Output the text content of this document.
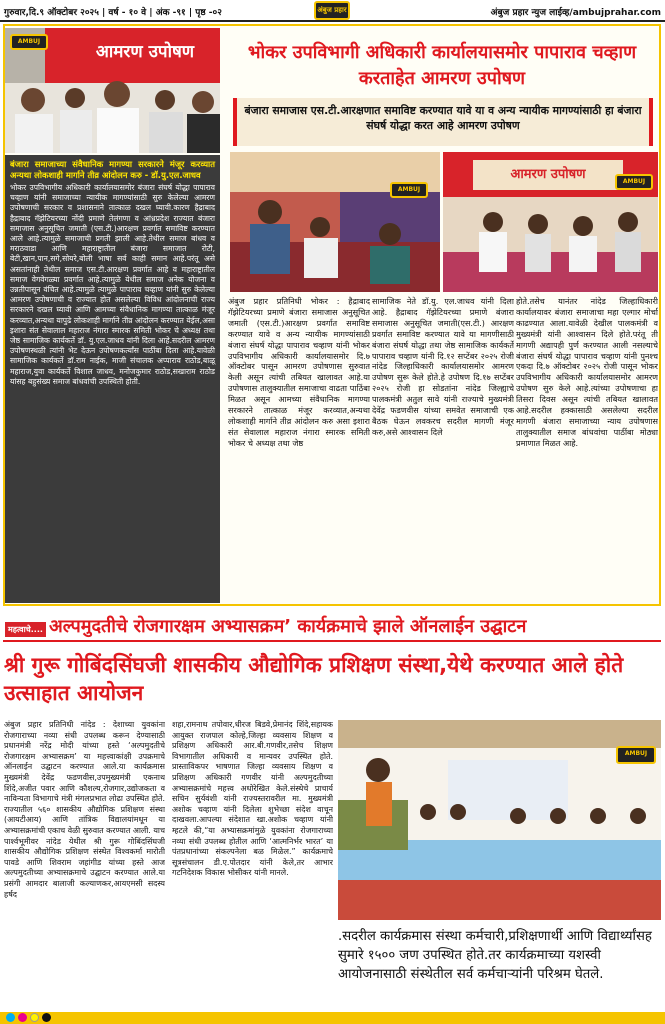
गुरुवार,दि.९ ऑक्टोबर २०२५ | वर्ष - १० वे | अंक -९१ | पृष्ठ -०२	अंबुज प्रहार	अंबुज प्रहार न्युज लाईव्ह/ambujprahar.com
आमरण उपोषण
AMBUJ
भोकर उपविभागी अधिकारी कार्यालयासमोर पापाराव चव्हाण करताहेत आमरण उपोषण
बंजारा समाजास एस.टी.आरक्षणात समाविष्ट करण्यात यावे या व अन्य न्यायीक मागण्यांसाठी हा बंजारा संघर्ष योद्धा करत आहे आमरण उपोषण
AMBUJ
आमरण उपोषण	AMBUJ
बंजारा समाजाच्या संवैधानिक मागण्या सरकारने मंजूर करव्यात अन्यथा लोकशाही मार्गाने तीव्र आंदोलन करु - डॉ.यु.एल.जाधव
भोकर उपविभागीय अधिकारी कार्यालयासमोर बंजारा संघर्ष योद्धा पापाराव चव्हाण यांनी समाजाच्या न्यायीक मागण्यांसाठी सुरु केलेल्या आमरण उपोषणाची सरकार व प्रशासनाने तात्काळ दखल घ्यावी.कारण हैद्राबाद हैद्राबाद गॅझेटियरच्या नोंदी प्रमाणे तेलंगणा व आंध्रप्रदेश राज्यात बंजारा समाजास अनुसूचित जमाती (एस.टी.)आरक्षण प्रवर्गात समाविष्ट करण्यात आले आहे.त्यामुळे समाजाची प्रगती झाली आहे.तेथील समाज बांधव व मराठवाडा आणि महाराष्ट्रातील बंजारा समाजात रोटी, बेटी,खान,पान,सगे,सोयरे,बोली भाषा सर्व काही समान आहे.परंतू असे असतांनाही तेथील समाज एस.टी.आरक्षण प्रवर्गात आहे व महाराष्ट्रातील समाज वेगवेगळ्या प्रवर्गात आहे.त्यामुळे येथील समाज अनेक योजना व उन्नतीपासून वंचित आहे.त्यामुळे त्यामुळे पापाराव चव्हाण यांनी सुरु केलेल्या आमरण उपोषणाची व राज्यात होत असलेल्या विविध आंदोलनाची राज्य सरकारने दखल घ्यावी आणि आमच्या संवैधानिक मागण्या तात्काळ मंजूर करव्यात,अन्यथा यापुढे लोकशाही मार्गाने तीव्र आंदोलन करण्यात येईल,असा इशारा संत सेवालाल महाराज नंगारा स्मारक समिती भोकर चे अध्यक्ष तथा जेष्ठ सामाजिक कार्यकर्ते डॉ. यु.एल.जाधव यांनी दिला आहे.सदरील आमरण उपोषणस्थळी त्यांनी भेट देऊन उपोषणकर्त्यांस पाठींबा दिला आहे.यावेळी सामाजिक कार्यकर्ते डॉ.राम नाईक, माजी संचालक अप्पाराव राठोड,बाळू महाराज,युवा कार्यकर्ते विशाल जाधव, मनोजकुमार राठोड,सखाराम राठोड यांसह बहुसंख्य समाज बांधवांची उपस्थिती होती.
अंबुज प्रहार प्रतिनिधी भोकर : हैद्राबाद गॅझेटियरच्या प्रमाणे बंजारा समाजास अनुसूचित जमाती (एस.टी.)आरक्षण प्रवर्गात समाविष्ट करण्यात यावे व अन्य न्यायीक मागण्यांसाठी बंजारा संघर्ष योद्धा पापाराव चव्हाण यांनी भोकर उपविभागीय अधिकारी कार्यालयासमोर दि.७ ऑक्टोबर पासून आमरण उपोषणास सुरुवात केली असून त्यांची तबियत खालावत आहे.या उपोषणास तालुक्यातील समाजाचा वाढता पाठिंबा मिळत असून आमच्या संवैधानिक मागण्या सरकारने तात्काळ मंजूर करव्यात,अन्यथा लोकशाही मार्गाने तीव्र आंदोलन करु असा इशारा संत सेवालाल महाराज नंगारा स्मारक समिती भोकर चे अध्यक्ष तथा जेष्ठ
सामाजिक नेते डॉ.यु. एल.जाधव यांनी दिला आहे. हैद्राबाद गॅझेटियरच्या प्रमाणे बंजारा समाजास अनुसूचित जमाती(एस.टी.) आरक्षण प्रवर्गात समाविष्ट करण्यात यावे या मागणीसाठी बंजारा संघर्ष योद्धा तथा जेष्ठ सामाजिक कार्यकर्ते पापाराव चव्हाण यांनी दि.१२ सप्टेंबर २०२५ रोजी नांदेड जिल्हाधिकारी कार्यालयासमोर आमरण उपोषण सुरू केले होते.हे उपोषण दि.१७ सप्टेंबर २०२५ रोजी हा सोडतांना नांदेड जिल्ह्याचे पालकमंत्री अतुल सावे यांनी राज्याचे मुख्यमंत्री देवेंद्र फडणवीस यांच्या समवेत समाजाची एक बैठक घेऊन लवकरच सदरील मागणी मंजूर करु,असे आश्वासन दिले
होते.तसेच यानंतर नांदेड जिल्हाधिकारी कार्यालयावर बंजारा समाजाचा महा एल्गार मोर्चा काढण्यात आला.यावेळी देखील पालकमंत्री व मुख्यमंत्री यांनी आश्वासन दिले होते.परंतू ती मागणी अद्यापही पुर्ण करण्यात आली नसल्याचे बंजारा संघर्ष योद्धा पापाराव चव्हाण यांनी पुनश्च एकदा दि.७ ऑक्टोबर २०२५ रोजी पासून भोकर उपविभागीय अधिकारी कार्यालयासमोर आमरण उपोषण सुरु केले आहे.त्यांच्या उपोषणाचा हा तिसरा दिवस असून त्यांची तबियत खालावत आहे.सदरील हक्कासाठी असलेल्या सदरील मागणी बंजारा समाजाच्या न्याय उपोषणास तालुक्यातील समाज बांधवांचा पाठींबा मोठ्या प्रमाणात मिळत आहे.
महत्वाचे.... अल्पमुदतीचे रोजगारक्षम अभ्यासक्रम’ कार्यक्रमाचे झाले ऑनलाईन उद्घाटन
श्री गुरू गोबिंदसिंघजी शासकीय औद्योगिक प्रशिक्षण संस्था,येथे करण्यात आले होते उत्साहात आयोजन
अंबुज प्रहार प्रतिनिधी नांदेड : देशाच्या युवकांना रोजगाराच्या नव्या संधी उपलब्ध करून देण्यासाठी प्रधानमंत्री नरेंद्र मोदी यांच्या हस्ते ‘अल्पमुदतीचे रोजगारक्षम अभ्यासक्रम’ या महत्त्वाकांक्षी उपक्रमाचे ऑनलाईन उद्घाटन करण्यात आले.या कार्यक्रमास मुख्यमंत्री देवेंद्र फडणवीस,उपमुख्यमंत्री एकनाथ शिंदे,अजीत पवार आणि कौशल्य,रोजगार,उद्योजकता व नाविन्यता विभागाचे मंत्री मंगलप्रभात लोढा उपस्थित होते. राज्यातील ५६० शासकीय औद्योगिक प्रशिक्षण संस्था (आयटीआय) आणि तांत्रिक विद्यालयांमधून या अभ्यासक्रमांची एकाच वेळी सुरुवात करण्यात आली. याच पार्श्वभूमीवर नांदेड येथील श्री गुरू गोबिंदसिंघजी शासकीय औद्योगिक प्रशिक्षण संस्थेत विश्वकर्मा मारोती पावडे आणि शिवराम जहांगीड यांच्या हस्ते आज अल्पमुदतीच्या अभ्यासक्रमाचे उद्घाटन करण्यात आले.या प्रसंगी आमदार बालाजी कल्याणकर,आयएमसी सदस्य हर्षद
शहा,रामनाथ तपोवार,धीरज बिडवे,प्रेमानंद शिंदे,सहायक आयुक्त राजपाल कोल्हे,जिल्हा व्यवसाय शिक्षण व प्रशिक्षण अधिकारी आर.बी.गणवीर,तसेच शिक्षण विभागातील अधिकारी व मान्यवर उपस्थित होते. प्रास्ताविकपर भाषणात जिल्हा व्यवसाय शिक्षण व प्रशिक्षण अधिकारी गणवीर यांनी अल्पमुदतीच्या अभ्यासक्रमांचे महत्त्व अधोरेखित केले.संस्थेचे प्राचार्य सचिन सुर्यवंशी यांनी राज्यस्तरावरील मा. मुख्यमंत्री अशोक चव्हाण यांनी दिलेला शुभेच्छा संदेश वाचून दाखवला.आपल्या संदेशात खा.अशोक चव्हाण यांनी म्हटले की,“या अभ्यासक्रमांमुळे युवकांना रोजगाराच्या नव्या संधी उपलब्ध होतील आणि ‘आत्मनिर्भर भारत’ या पंतप्रधानांच्या संकल्पनेला बळ मिळेल.” कार्यक्रमाचे सूत्रसंचालन डी.ए.पोतदार यांनी केले,तर आभार गटनिदेशक विकास भोसीकर यांनी मानले.
AMBUJ
.सदरील कार्यक्रमास संस्था कर्मचारी,प्रशिक्षणार्थी आणि विद्यार्थ्यांसह सुमारे १५०० जण उपस्थित होते.तर कार्यक्रमाच्या यशस्वी आयोजनासाठी संस्थेतील सर्व कर्मचाऱ्यांनी परिश्रम घेतले.
